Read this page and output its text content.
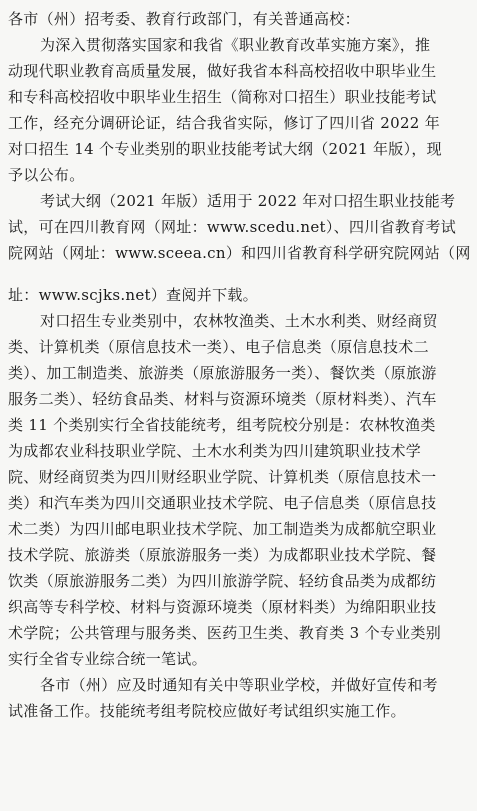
各市（州）招考委、教育行政部门，有关普通高校：
为深入贯彻落实国家和我省《职业教育改革实施方案》，推
动现代职业教育高质量发展，做好我省本科高校招收中职毕业生
和专科高校招收中职毕业生招生（简称对口招生）职业技能考试
工作，经充分调研论证，结合我省实际，修订了四川省 2022 年
对口招生 14 个专业类别的职业技能考试大纲（2021 年版），现
予以公布。
考试大纲（2021 年版）适用于 2022 年对口招生职业技能考
试，可在四川教育网（网址：www.scedu.net）、四川省教育考试
院网站（网址：www.sceea.cn）和四川省教育科学研究院网站（网
址：www.scjks.net）查阅并下载。
对口招生专业类别中，农林牧渔类、土木水利类、财经商贸
类、计算机类（原信息技术一类）、电子信息类（原信息技术二
类）、加工制造类、旅游类（原旅游服务一类）、餐饮类（原旅游
服务二类）、轻纺食品类、材料与资源环境类（原材料类）、汽车
类 11 个类别实行全省技能统考，组考院校分别是：农林牧渔类
为成都农业科技职业学院、土木水利类为四川建筑职业技术学
院、财经商贸类为四川财经职业学院、计算机类（原信息技术一
类）和汽车类为四川交通职业技术学院、电子信息类（原信息技
术二类）为四川邮电职业技术学院、加工制造类为成都航空职业
技术学院、旅游类（原旅游服务一类）为成都职业技术学院、餐
饮类（原旅游服务二类）为四川旅游学院、轻纺食品类为成都纺
织高等专科学校、材料与资源环境类（原材料类）为绵阳职业技
术学院；公共管理与服务类、医药卫生类、教育类 3 个专业类别
实行全省专业综合统一笔试。
各市（州）应及时通知有关中等职业学校，并做好宣传和考
试准备工作。技能统考组考院校应做好考试组织实施工作。
